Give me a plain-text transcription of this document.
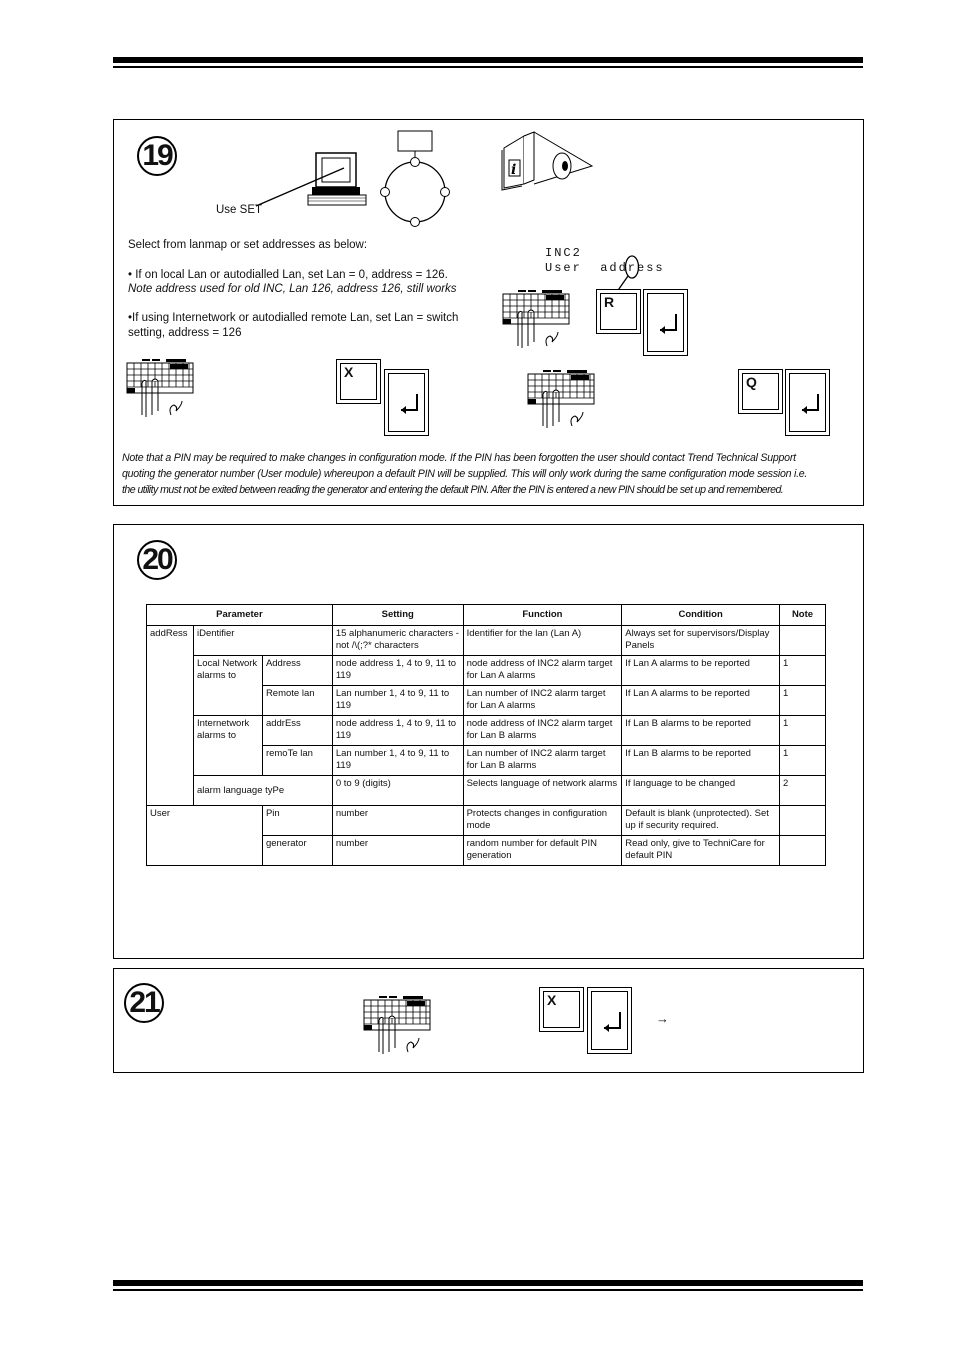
19
Use SET
i
Select from lanmap or set addresses as below:
• If on local Lan or autodialled Lan, set Lan = 0, address = 126.
Note address used for old INC, Lan 126, address 126, still works
•If using Internetwork or autodialled remote Lan, set Lan = switch
setting, address = 126
INC2
User  address
R
X
Q
Note that a PIN may be required to make changes in configuration mode. If the PIN has been forgotten the user should contact Trend Technical Support
quoting the generator number (User module) whereupon a default PIN will be supplied. This will only work during the same configuration mode session i.e.
the utility must not be exited between reading the generator and entering the default PIN. After the PIN is entered a new PIN should be set up and remembered.
20
Parameter			Setting	Function	Condition	Note
addRess	iDentifier		15 alphanumeric characters - not /\(;?* characters	Identifier for the lan (Lan A)	Always set for supervisors/Display Panels	
	Local Network alarms to	Address	node address 1, 4 to 9, 11 to 119	node address of INC2 alarm target for Lan A alarms	If Lan A alarms to be reported	1
		Remote lan	Lan number 1, 4 to 9, 11 to 119	Lan number of INC2 alarm target for Lan A alarms	If Lan A alarms to be reported	1
	Internetwork alarms to	addrEss	node address 1, 4 to 9, 11 to 119	node address of INC2 alarm target for Lan B alarms	If Lan B alarms to be reported	1
		remoTe lan	Lan number 1, 4 to 9, 11 to 119	Lan number of INC2 alarm target for Lan B alarms	If Lan B alarms to be reported	1
	alarm language tyPe		0 to 9 (digits)	Selects language of network alarms	If language to be changed	2
User		Pin	number	Protects changes in configuration mode	Default is blank (unprotected). Set up if security required.	
		generator	number	random number for default PIN generation	Read only, give to TechniCare for default PIN	
21	X
→
